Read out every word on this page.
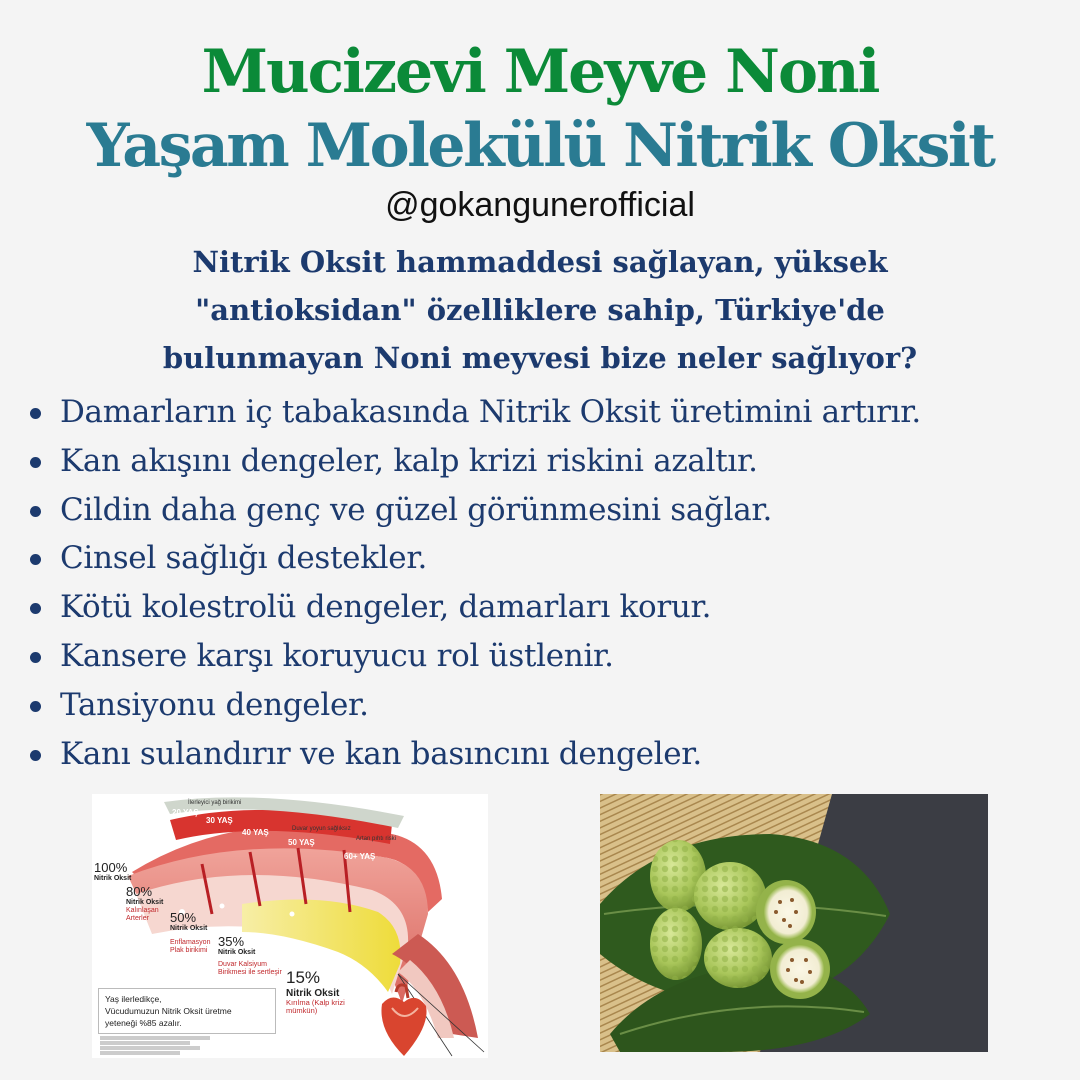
Mucizevi Meyve Noni
Yaşam Molekülü Nitrik Oksit
@gokangunerofficial
Nitrik Oksit hammaddesi sağlayan, yüksek
"antioksidan" özelliklere sahip, Türkiye'de
bulunmayan Noni meyvesi bize neler sağlıyor?
Damarların iç tabakasında Nitrik Oksit üretimini artırır.
Kan akışını dengeler, kalp krizi riskini azaltır.
Cildin daha genç ve güzel görünmesini sağlar.
Cinsel sağlığı destekler.
Kötü kolestrolü dengeler, damarları korur.
Kansere karşı koruyucu rol üstlenir.
Tansiyonu dengeler.
Kanı sulandırır ve kan basıncını dengeler.
İlerleyici yağ birikimi
Duvar yoyun sağlıksız
Artan pıhtı riski
20 YAŞ
30 YAŞ
40 YAŞ
50 YAŞ
60+ YAŞ
100%
Nitrik Oksit
80%
Nitrik Oksit
Kalınlaşan Arterler	50%
Nitrik Oksit
Enflamasyon Plak birikimi
35%
Nitrik Oksit
Duvar Kalsiyum Birikmesi ile sertleşir 15%
Nitrik Oksit
Kırılma (Kalp krizi mümkün)
Yaş ilerledikçe,
Vücudumuzun Nitrik Oksit üretme
yeteneği %85 azalır.
